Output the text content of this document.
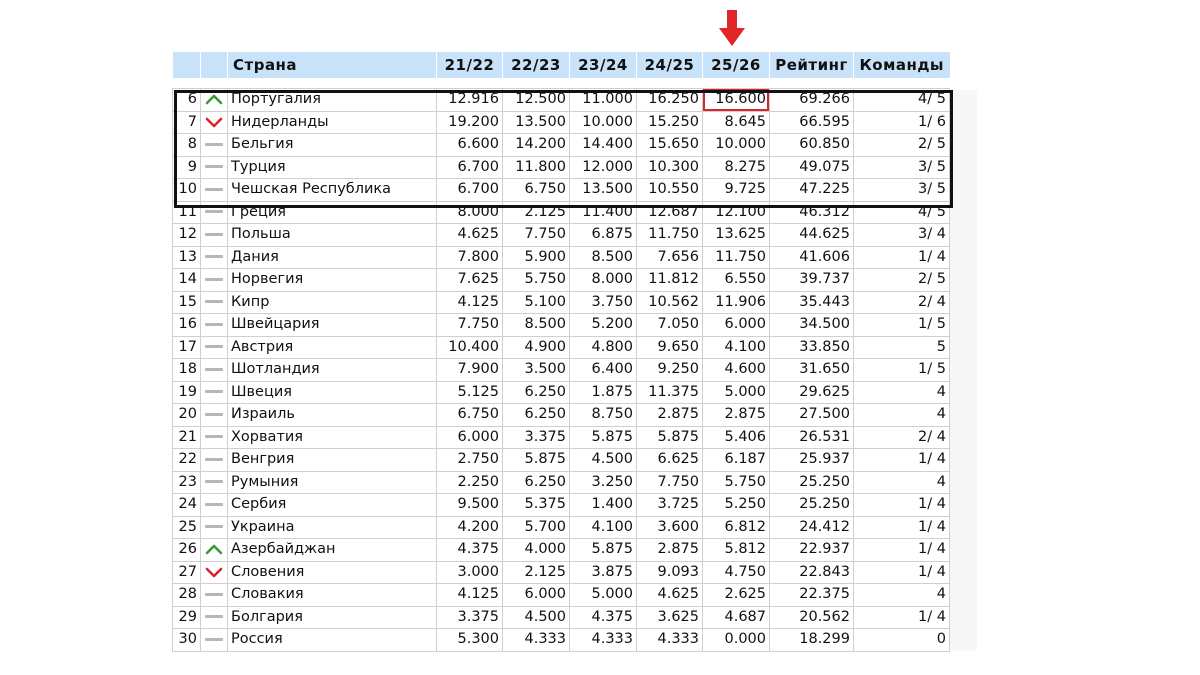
		Страна	21/22	22/23	23/24	24/25	25/26	Рейтинг	Команды

6		Португалия	12.916	12.500	11.000	16.250	16.600	69.266	4/ 5
7		Нидерланды	19.200	13.500	10.000	15.250	8.645	66.595	1/ 6
8		Бельгия	6.600	14.200	14.400	15.650	10.000	60.850	2/ 5
9		Турция	6.700	11.800	12.000	10.300	8.275	49.075	3/ 5
10		Чешская Республика	6.700	6.750	13.500	10.550	9.725	47.225	3/ 5
11		Греция	8.000	2.125	11.400	12.687	12.100	46.312	4/ 5
12		Польша	4.625	7.750	6.875	11.750	13.625	44.625	3/ 4
13		Дания	7.800	5.900	8.500	7.656	11.750	41.606	1/ 4
14		Норвегия	7.625	5.750	8.000	11.812	6.550	39.737	2/ 5
15		Кипр	4.125	5.100	3.750	10.562	11.906	35.443	2/ 4
16		Швейцария	7.750	8.500	5.200	7.050	6.000	34.500	1/ 5
17		Австрия	10.400	4.900	4.800	9.650	4.100	33.850	5
18		Шотландия	7.900	3.500	6.400	9.250	4.600	31.650	1/ 5
19		Швеция	5.125	6.250	1.875	11.375	5.000	29.625	4
20		Израиль	6.750	6.250	8.750	2.875	2.875	27.500	4
21		Хорватия	6.000	3.375	5.875	5.875	5.406	26.531	2/ 4
22		Венгрия	2.750	5.875	4.500	6.625	6.187	25.937	1/ 4
23		Румыния	2.250	6.250	3.250	7.750	5.750	25.250	4
24		Сербия	9.500	5.375	1.400	3.725	5.250	25.250	1/ 4
25		Украина	4.200	5.700	4.100	3.600	6.812	24.412	1/ 4
26		Азербайджан	4.375	4.000	5.875	2.875	5.812	22.937	1/ 4
27		Словения	3.000	2.125	3.875	9.093	4.750	22.843	1/ 4
28		Словакия	4.125	6.000	5.000	4.625	2.625	22.375	4
29		Болгария	3.375	4.500	4.375	3.625	4.687	20.562	1/ 4
30		Россия	5.300	4.333	4.333	4.333	0.000	18.299	0
